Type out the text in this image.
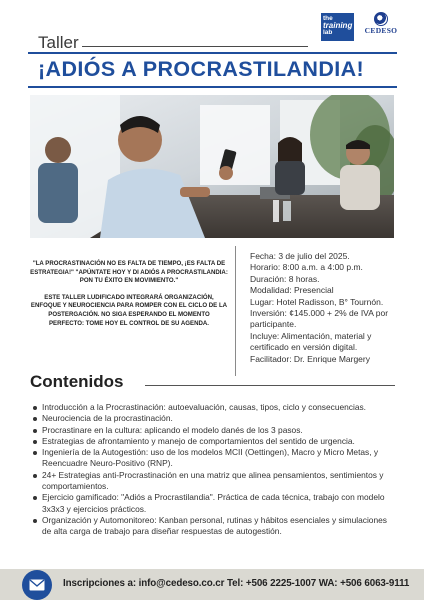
Taller
the
training
lab	CEDESO
¡ADIÓS A PROCRASTILANDIA!

"LA PROCRASTINACIÓN NO ES FALTA DE TIEMPO, ¡ES FALTA DE ESTRATEGIA!" "APÚNTATE HOY Y DI ADIÓS A PROCRASTILANDIA: PON TU ÉXITO EN MOVIMIENTO."

ESTE TALLER LUDIFICADO INTEGRARÁ ORGANIZACIÓN, ENFOQUE Y NEUROCIENCIA PARA ROMPER CON EL CICLO DE LA POSTERGACIÓN. NO SIGA ESPERANDO EL MOMENTO PERFECTO: TOME HOY EL CONTROL DE SU AGENDA.

Fecha: 3 de julio del 2025.
Horario: 8:00 a.m. a 4:00 p.m.
Duración: 8 horas.
Modalidad: Presencial
Lugar: Hotel Radisson, B° Tournón.
Inversión: ¢145.000 + 2% de IVA por participante.
Incluye: Alimentación, material y certificado en versión digital.
Facilitador: Dr. Enrique Margery
Contenidos
Introducción a la Procrastinación: autoevaluación, causas, tipos, ciclo y consecuencias.
Neurociencia de la procrastinación.
Procrastinare en la cultura: aplicando el modelo danés de los 3 pasos.
Estrategias de afrontamiento y manejo de comportamientos del sentido de urgencia.
Ingeniería de la Autogestión: uso de los modelos MCII (Oettingen), Macro y Micro Metas, y Reencuadre Neuro-Positivo (RNP).
24+ Estrategias anti-Procrastinación en una matriz que alinea pensamientos, sentimientos y comportamientos.
Ejercicio gamificado: "Adiós a Procrastilandia". Práctica de cada técnica, trabajo con modelo 3x3x3 y ejercicios prácticos.
Organización y Automonitoreo: Kanban personal, rutinas y hábitos esenciales y simulaciones de alta carga de trabajo para diseñar respuestas de autogestión.
Inscripciones a: info@cedeso.co.cr Tel: +506 2225-1007 WA: +506 6063-9111
